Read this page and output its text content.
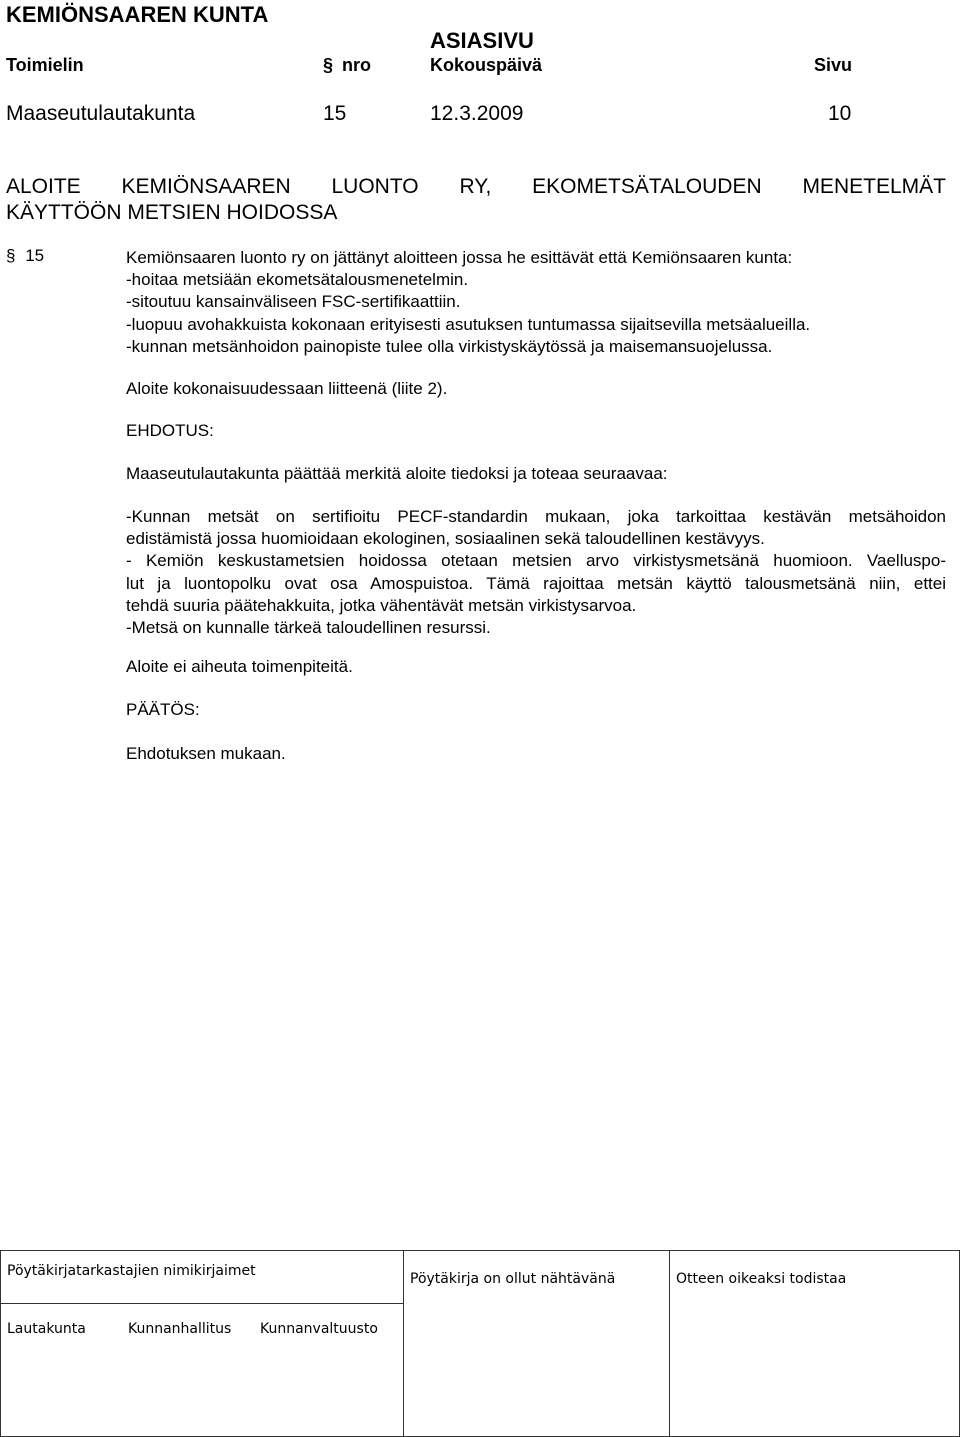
KEMIÖNSAAREN KUNTA
ASIASIVU
Toimielin	§ nro	Kokouspäivä	Sivu
Maaseutulautakunta	15	12.3.2009	10
ALOITE KEMIÖNSAAREN LUONTO RY, EKOMETSÄTALOUDEN MENETELMÄT
KÄYTTÖÖN METSIEN HOIDOSSA
§ 15	Kemiönsaaren luonto ry on jättänyt aloitteen jossa he esittävät että Kemiönsaaren kunta:

-hoitaa metsiään ekometsätalousmenetelmin.

-sitoutuu kansainväliseen FSC-sertifikaattiin.

-luopuu avohakkuista kokonaan erityisesti asutuksen tuntumassa sijaitsevilla metsäalueilla.

-kunnan metsänhoidon painopiste tulee olla virkistyskäytössä ja maisemansuojelussa.

Aloite kokonaisuudessaan liitteenä (liite 2).

EHDOTUS:

Maaseutulautakunta päättää merkitä aloite tiedoksi ja toteaa seuraavaa:

-Kunnan metsät on sertifioitu PECF-standardin mukaan, joka tarkoittaa kestävän metsähoidon

edistämistä jossa huomioidaan ekologinen, sosiaalinen sekä taloudellinen kestävyys.

- Kemiön keskustametsien hoidossa otetaan metsien arvo virkistysmetsänä huomioon. Vaelluspo-

lut ja luontopolku ovat osa Amospuistoa. Tämä rajoittaa metsän käyttö talousmetsänä niin, ettei

tehdä suuria päätehakkuita, jotka vähentävät metsän virkistysarvoa.

-Metsä on kunnalle tärkeä taloudellinen resurssi.

Aloite ei aiheuta toimenpiteitä.

PÄÄTÖS:

Ehdotuksen mukaan.

Pöytäkirjatarkastajien nimikirjaimet	Pöytäkirja on ollut nähtävänä	Otteen oikeaksi todistaa

Lautakunta	Kunnanhallitus	Kunnanvaltuusto
